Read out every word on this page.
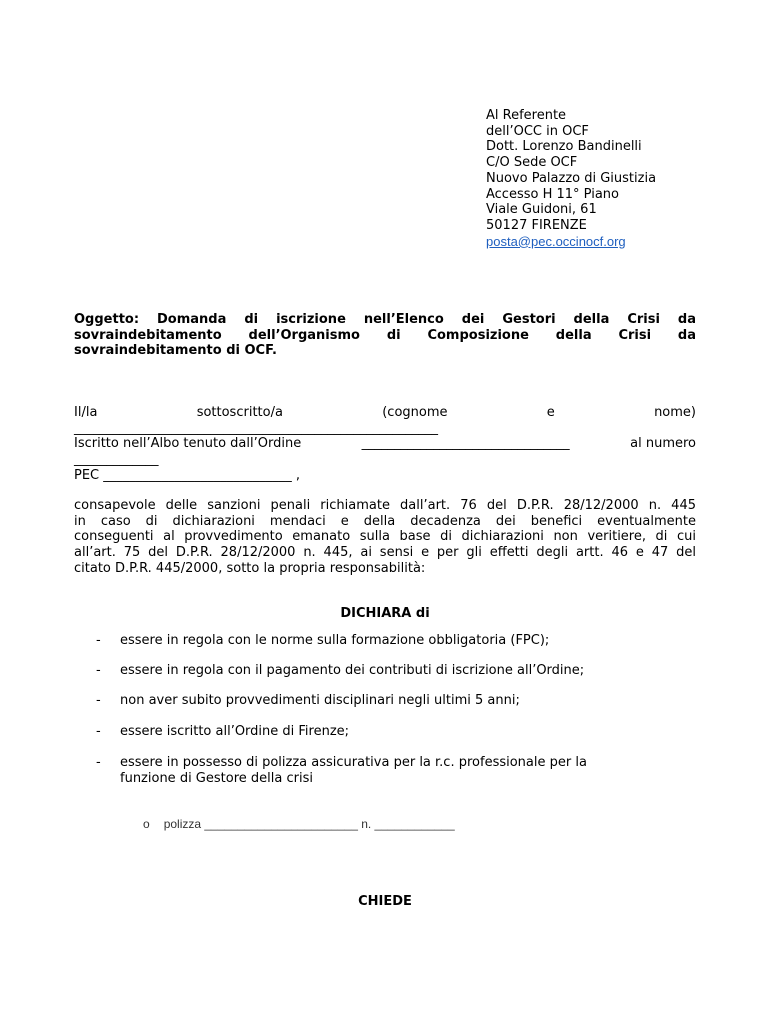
Al Referente
dell’OCC in OCF
Dott. Lorenzo Bandinelli
C/O Sede OCF
Nuovo Palazzo di Giustizia
Accesso H 11° Piano
Viale Guidoni, 61
50127 FIRENZE
posta@pec.occinocf.org
Oggetto: Domanda di iscrizione nell’Elenco dei Gestori della Crisi da
sovraindebitamento dell’Organismo di Composizione della Crisi da
sovraindebitamento di OCF.
Il/la	sottoscritto/a	(cognome	e	nome)
________________________________________________________
Iscritto nell’Albo tenuto dall’Ordine	________________________________	al numero
_____________
PEC _____________________________ ,
consapevole delle sanzioni penali richiamate dall’art. 76 del D.P.R. 28/12/2000 n. 445
in caso di dichiarazioni mendaci e della decadenza dei benefici eventualmente
conseguenti al provvedimento emanato sulla base di dichiarazioni non veritiere, di cui
all’art. 75 del D.P.R. 28/12/2000 n. 445, ai sensi e per gli effetti degli artt. 46 e 47 del
citato D.P.R. 445/2000, sotto la propria responsabilità:
DICHIARA di
- essere in regola con le norme sulla formazione obbligatoria (FPC);
- essere in regola con il pagamento dei contributi di iscrizione all’Ordine;
- non aver subito provvedimenti disciplinari negli ultimi 5 anni;
- essere iscritto all’Ordine di Firenze;
- essere in possesso di polizza assicurativa per la r.c. professionale per la funzione di Gestore della crisi
o polizza _______________________ n. ____________
CHIEDE
